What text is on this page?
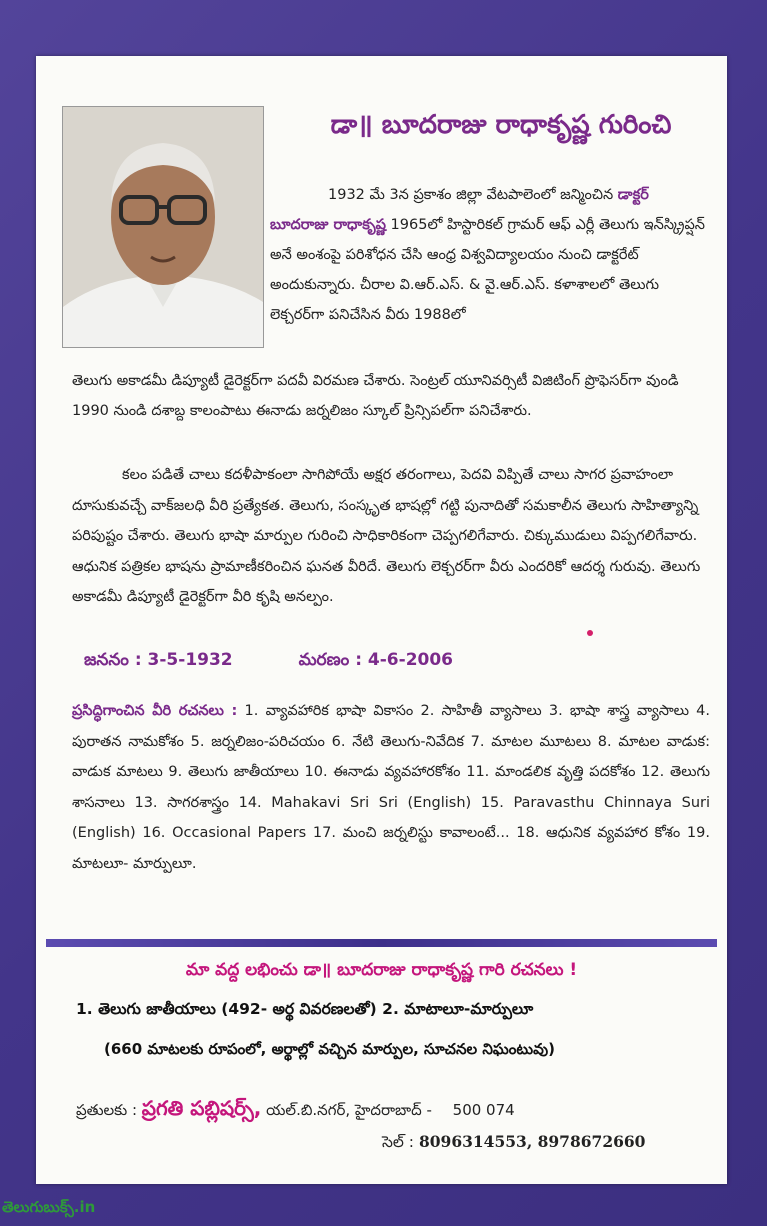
డా॥ బూదరాజు రాధాకృష్ణ గురించి
1932 మే 3న ప్రకాశం జిల్లా వేటపాలెంలో జన్మించిన డాక్టర్ బూదరాజు రాధాకృష్ణ 1965లో హిస్టారికల్ గ్రామర్ ఆఫ్ ఎర్లీ తెలుగు ఇన్‌స్క్రిప్షన్ అనే అంశంపై పరిశోధన చేసి ఆంధ్ర విశ్వవిద్యాలయం నుంచి డాక్టరేట్ అందుకున్నారు. చీరాల వి.ఆర్.ఎస్. & వై.ఆర్.ఎస్. కళాశాలలో తెలుగు లెక్చరర్‌గా పనిచేసిన వీరు 1988లో
తెలుగు అకాడమీ డిప్యూటీ డైరెక్టర్‌గా పదవీ విరమణ చేశారు. సెంట్రల్ యూనివర్సిటీ విజిటింగ్ ప్రొఫెసర్‌గా వుండి 1990 నుండి దశాబ్ద కాలంపాటు ఈనాడు జర్నలిజం స్కూల్ ప్రిన్సిపల్‌గా పనిచేశారు.
కలం పడితే చాలు కదళీపాకంలా సాగిపోయే అక్షర తరంగాలు, పెదవి విప్పితే చాలు సాగర ప్రవాహంలా దూసుకువచ్చే వాక్‌జలధి వీరి ప్రత్యేకత. తెలుగు, సంస్కృత భాషల్లో గట్టి పునాదితో సమకాలీన తెలుగు సాహిత్యాన్ని పరిపుష్టం చేశారు. తెలుగు భాషా మార్పుల గురించి సాధికారికంగా చెప్పగలిగేవారు. చిక్కుముడులు విప్పగలిగేవారు. ఆధునిక పత్రికల భాషను ప్రామాణీకరించిన ఘనత వీరిదే. తెలుగు లెక్చరర్‌గా వీరు ఎందరికో ఆదర్శ గురువు. తెలుగు అకాడమీ డిప్యూటీ డైరెక్టర్‌గా వీరి కృషి అనల్పం.
జననం : 3-5-1932	మరణం : 4-6-2006
ప్రసిద్ధిగాంచిన వీరి రచనలు : 1. వ్యావహారిక భాషా వికాసం 2. సాహితీ వ్యాసాలు 3. భాషా శాస్త్ర వ్యాసాలు 4. పురాతన నామకోశం 5. జర్నలిజం-పరిచయం 6. నేటి తెలుగు-నివేదిక 7. మాటల మూటలు 8. మాటల వాడుక: వాడుక మాటలు 9. తెలుగు జాతీయాలు 10. ఈనాడు వ్యవహారకోశం 11. మాండలిక వృత్తి పదకోశం 12. తెలుగు శాసనాలు 13. సాగరశాస్త్రం 14. Mahakavi Sri Sri (English) 15. Paravasthu Chinnaya Suri (English) 16. Occasional Papers 17. మంచి జర్నలిస్టు కావాలంటే... 18. ఆధునిక వ్యవహార కోశం 19. మాటలూ- మార్పులూ.
మా వద్ద లభించు డా॥ బూదరాజు రాధాకృష్ణ గారి రచనలు !
1. తెలుగు జాతీయాలు (492- అర్థ వివరణలతో) 2. మాటాలూ-మార్పులూ
(660 మాటలకు రూపంలో, అర్థాల్లో వచ్చిన మార్పుల, సూచనల నిఘంటువు)
ప్రతులకు : ప్రగతి పబ్లిషర్స్, యల్.బి.నగర్, హైదరాబాద్ - 500 074
సెల్ : 8096314553, 8978672660
తెలుగుబుక్స్.in
